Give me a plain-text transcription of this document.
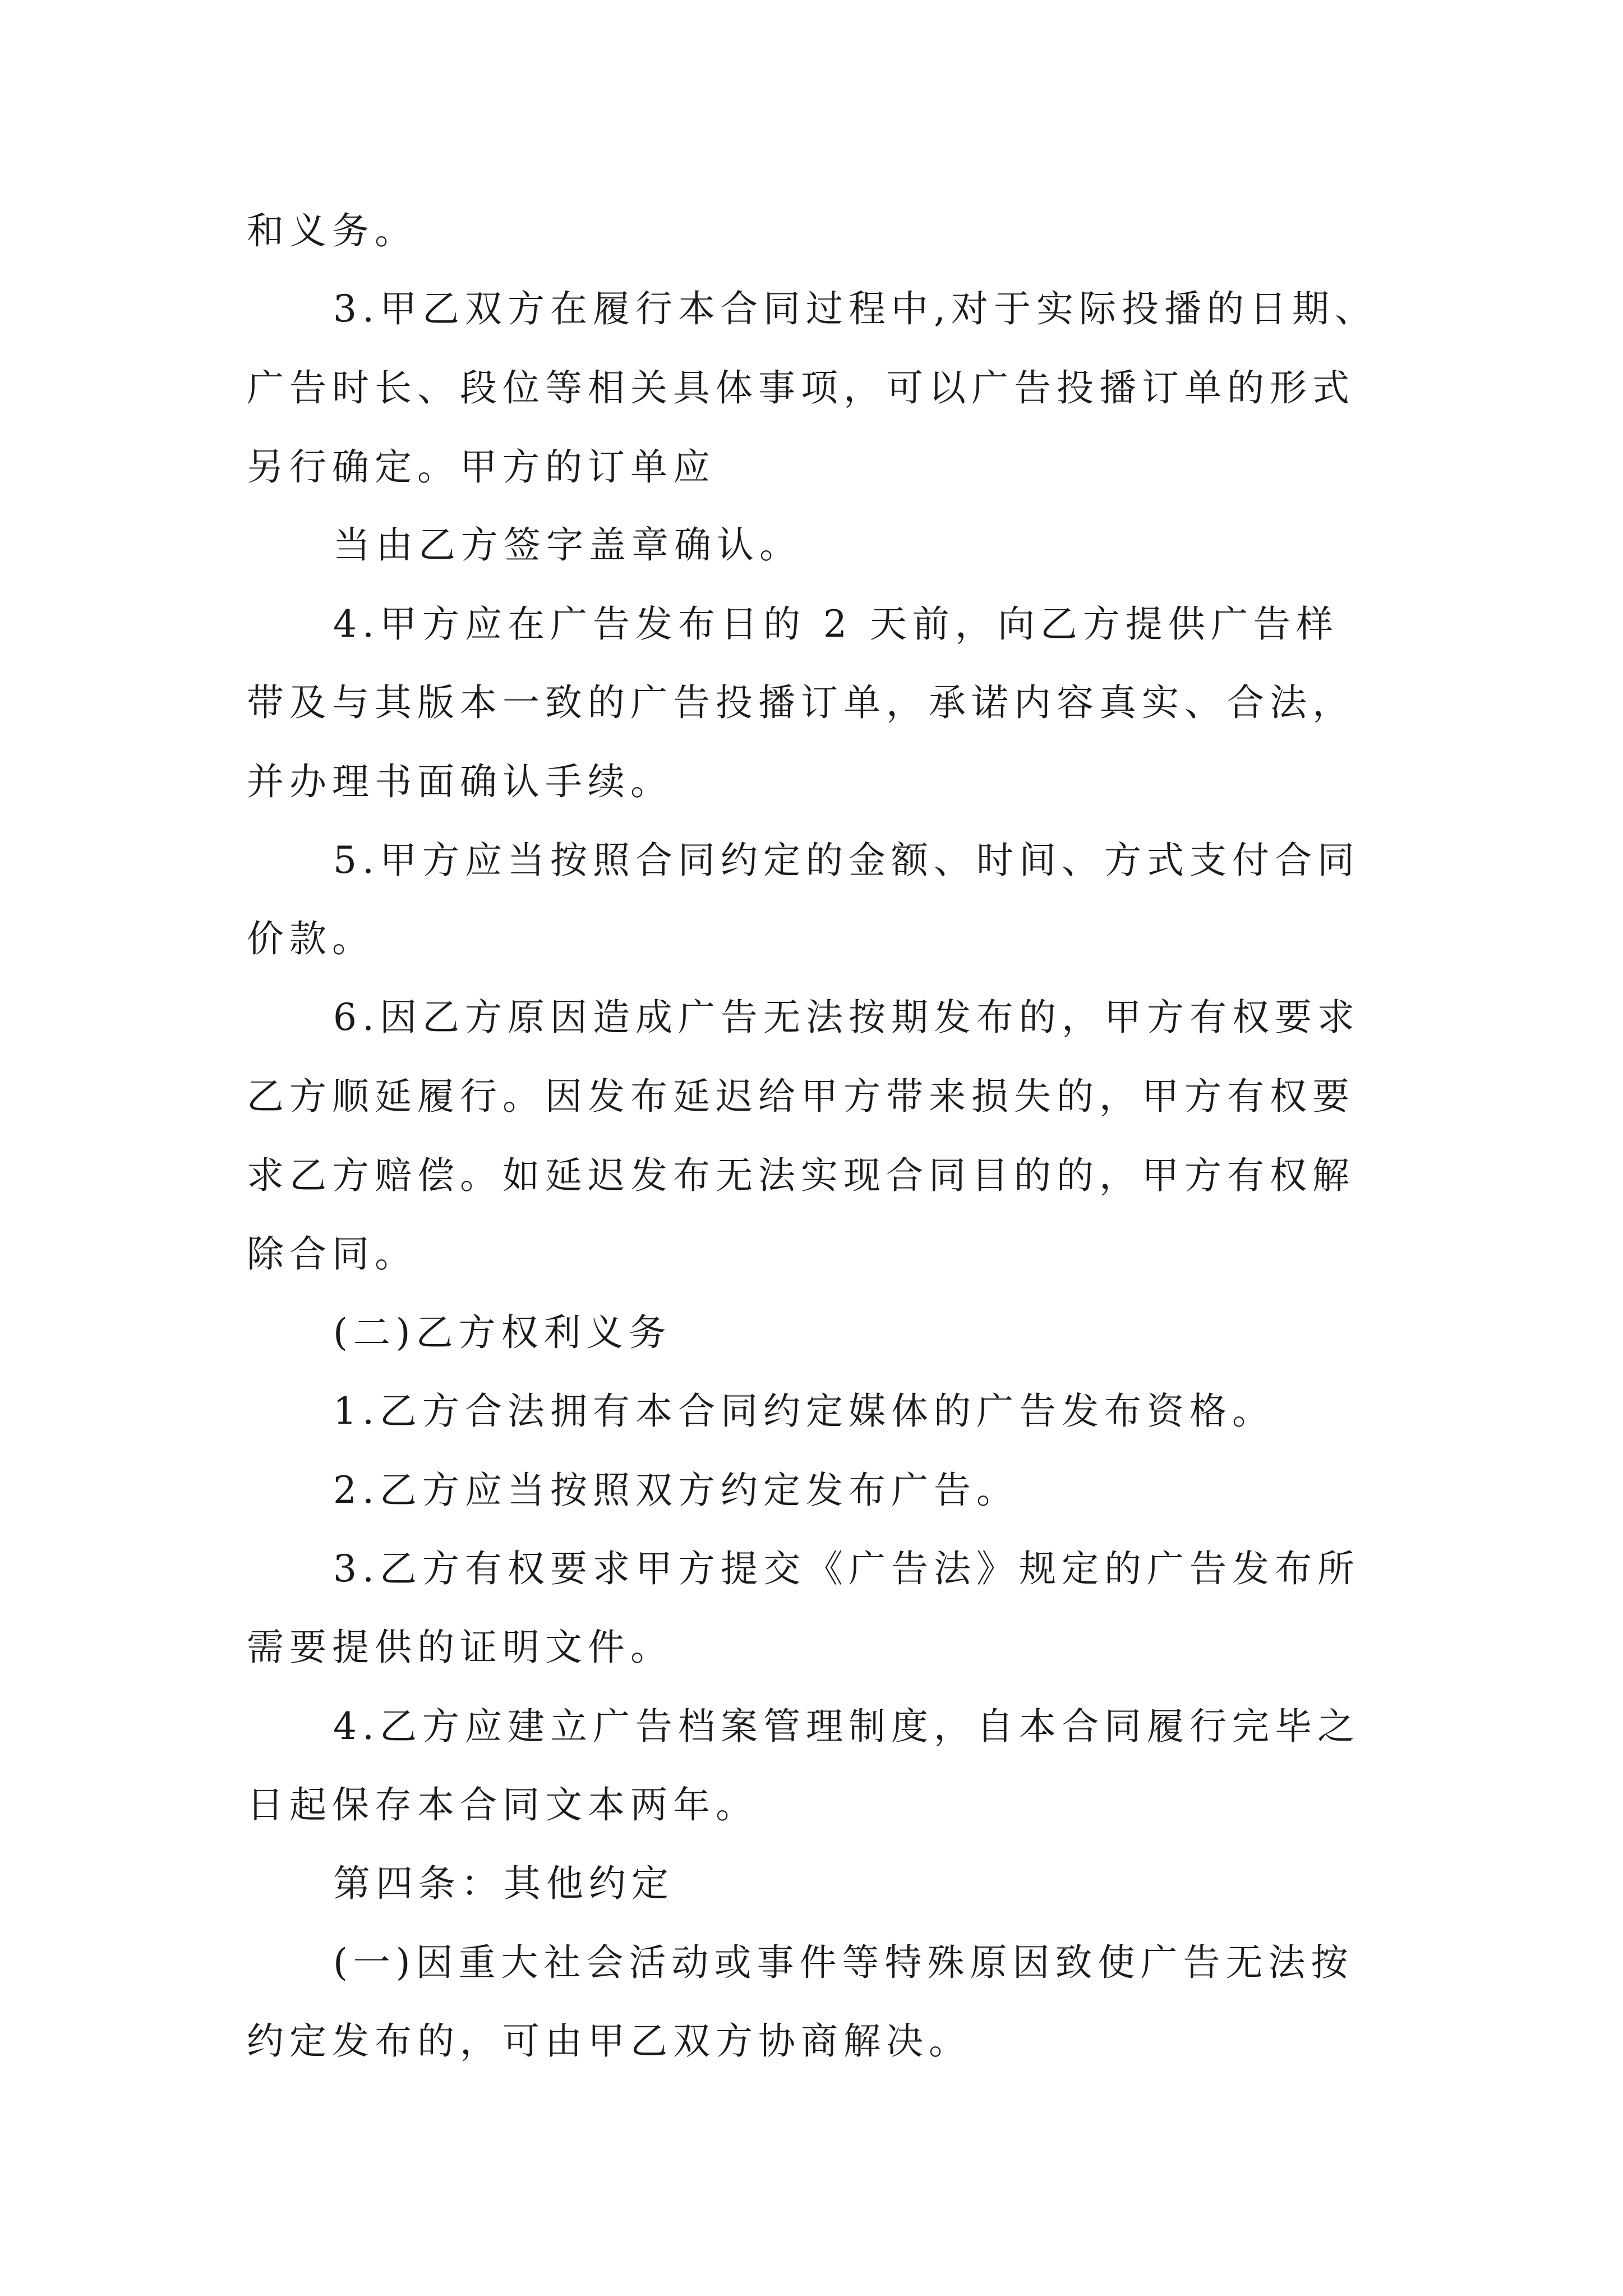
和义务。
3.甲乙双方在履行本合同过程中,对于实际投播的日期、
广告时长、段位等相关具体事项，可以广告投播订单的形式
另行确定。甲方的订单应
当由乙方签字盖章确认。
4.甲方应在广告发布日的 2 天前，向乙方提供广告样
带及与其版本一致的广告投播订单，承诺内容真实、合法，
并办理书面确认手续。
5.甲方应当按照合同约定的金额、时间、方式支付合同
价款。
6.因乙方原因造成广告无法按期发布的，甲方有权要求
乙方顺延履行。因发布延迟给甲方带来损失的，甲方有权要
求乙方赔偿。如延迟发布无法实现合同目的的，甲方有权解
除合同。
(二)乙方权利义务
1.乙方合法拥有本合同约定媒体的广告发布资格。
2.乙方应当按照双方约定发布广告。
3.乙方有权要求甲方提交《广告法》规定的广告发布所
需要提供的证明文件。
4.乙方应建立广告档案管理制度，自本合同履行完毕之
日起保存本合同文本两年。
第四条：其他约定
(一)因重大社会活动或事件等特殊原因致使广告无法按
约定发布的，可由甲乙双方协商解决。
